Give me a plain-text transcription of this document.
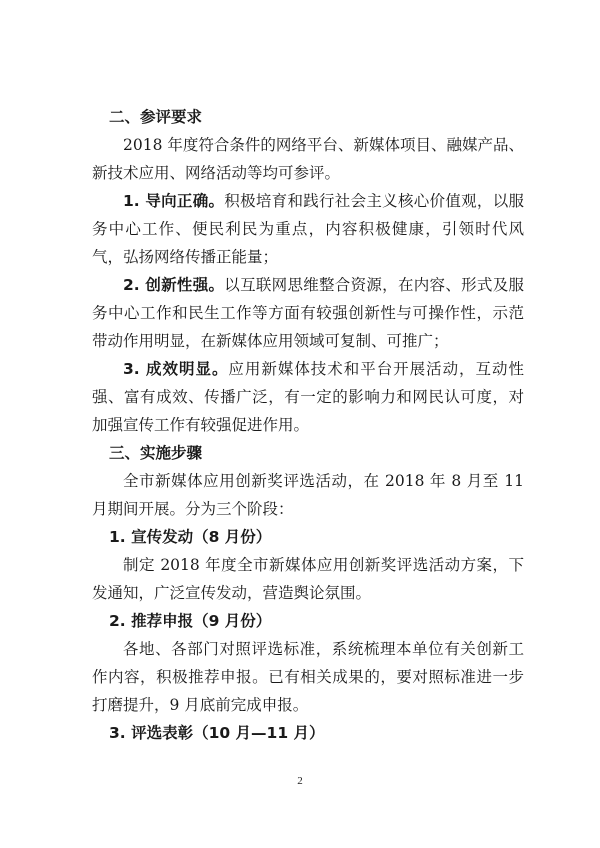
二、参评要求
2018 年度符合条件的网络平台、新媒体项目、融媒产品、新技术应用、网络活动等均可参评。
1. 导向正确。积极培育和践行社会主义核心价值观，以服务中心工作、便民利民为重点，内容积极健康，引领时代风气，弘扬网络传播正能量；
2. 创新性强。以互联网思维整合资源，在内容、形式及服务中心工作和民生工作等方面有较强创新性与可操作性，示范带动作用明显，在新媒体应用领域可复制、可推广；
3. 成效明显。应用新媒体技术和平台开展活动，互动性强、富有成效、传播广泛，有一定的影响力和网民认可度，对加强宣传工作有较强促进作用。
三、实施步骤
全市新媒体应用创新奖评选活动，在 2018 年 8 月至 11 月期间开展。分为三个阶段：
1. 宣传发动（8 月份）
制定 2018 年度全市新媒体应用创新奖评选活动方案，下发通知，广泛宣传发动，营造舆论氛围。
2. 推荐申报（9 月份）
各地、各部门对照评选标准，系统梳理本单位有关创新工作内容，积极推荐申报。已有相关成果的，要对照标准进一步打磨提升，9 月底前完成申报。
3. 评选表彰（10 月—11 月）
2
